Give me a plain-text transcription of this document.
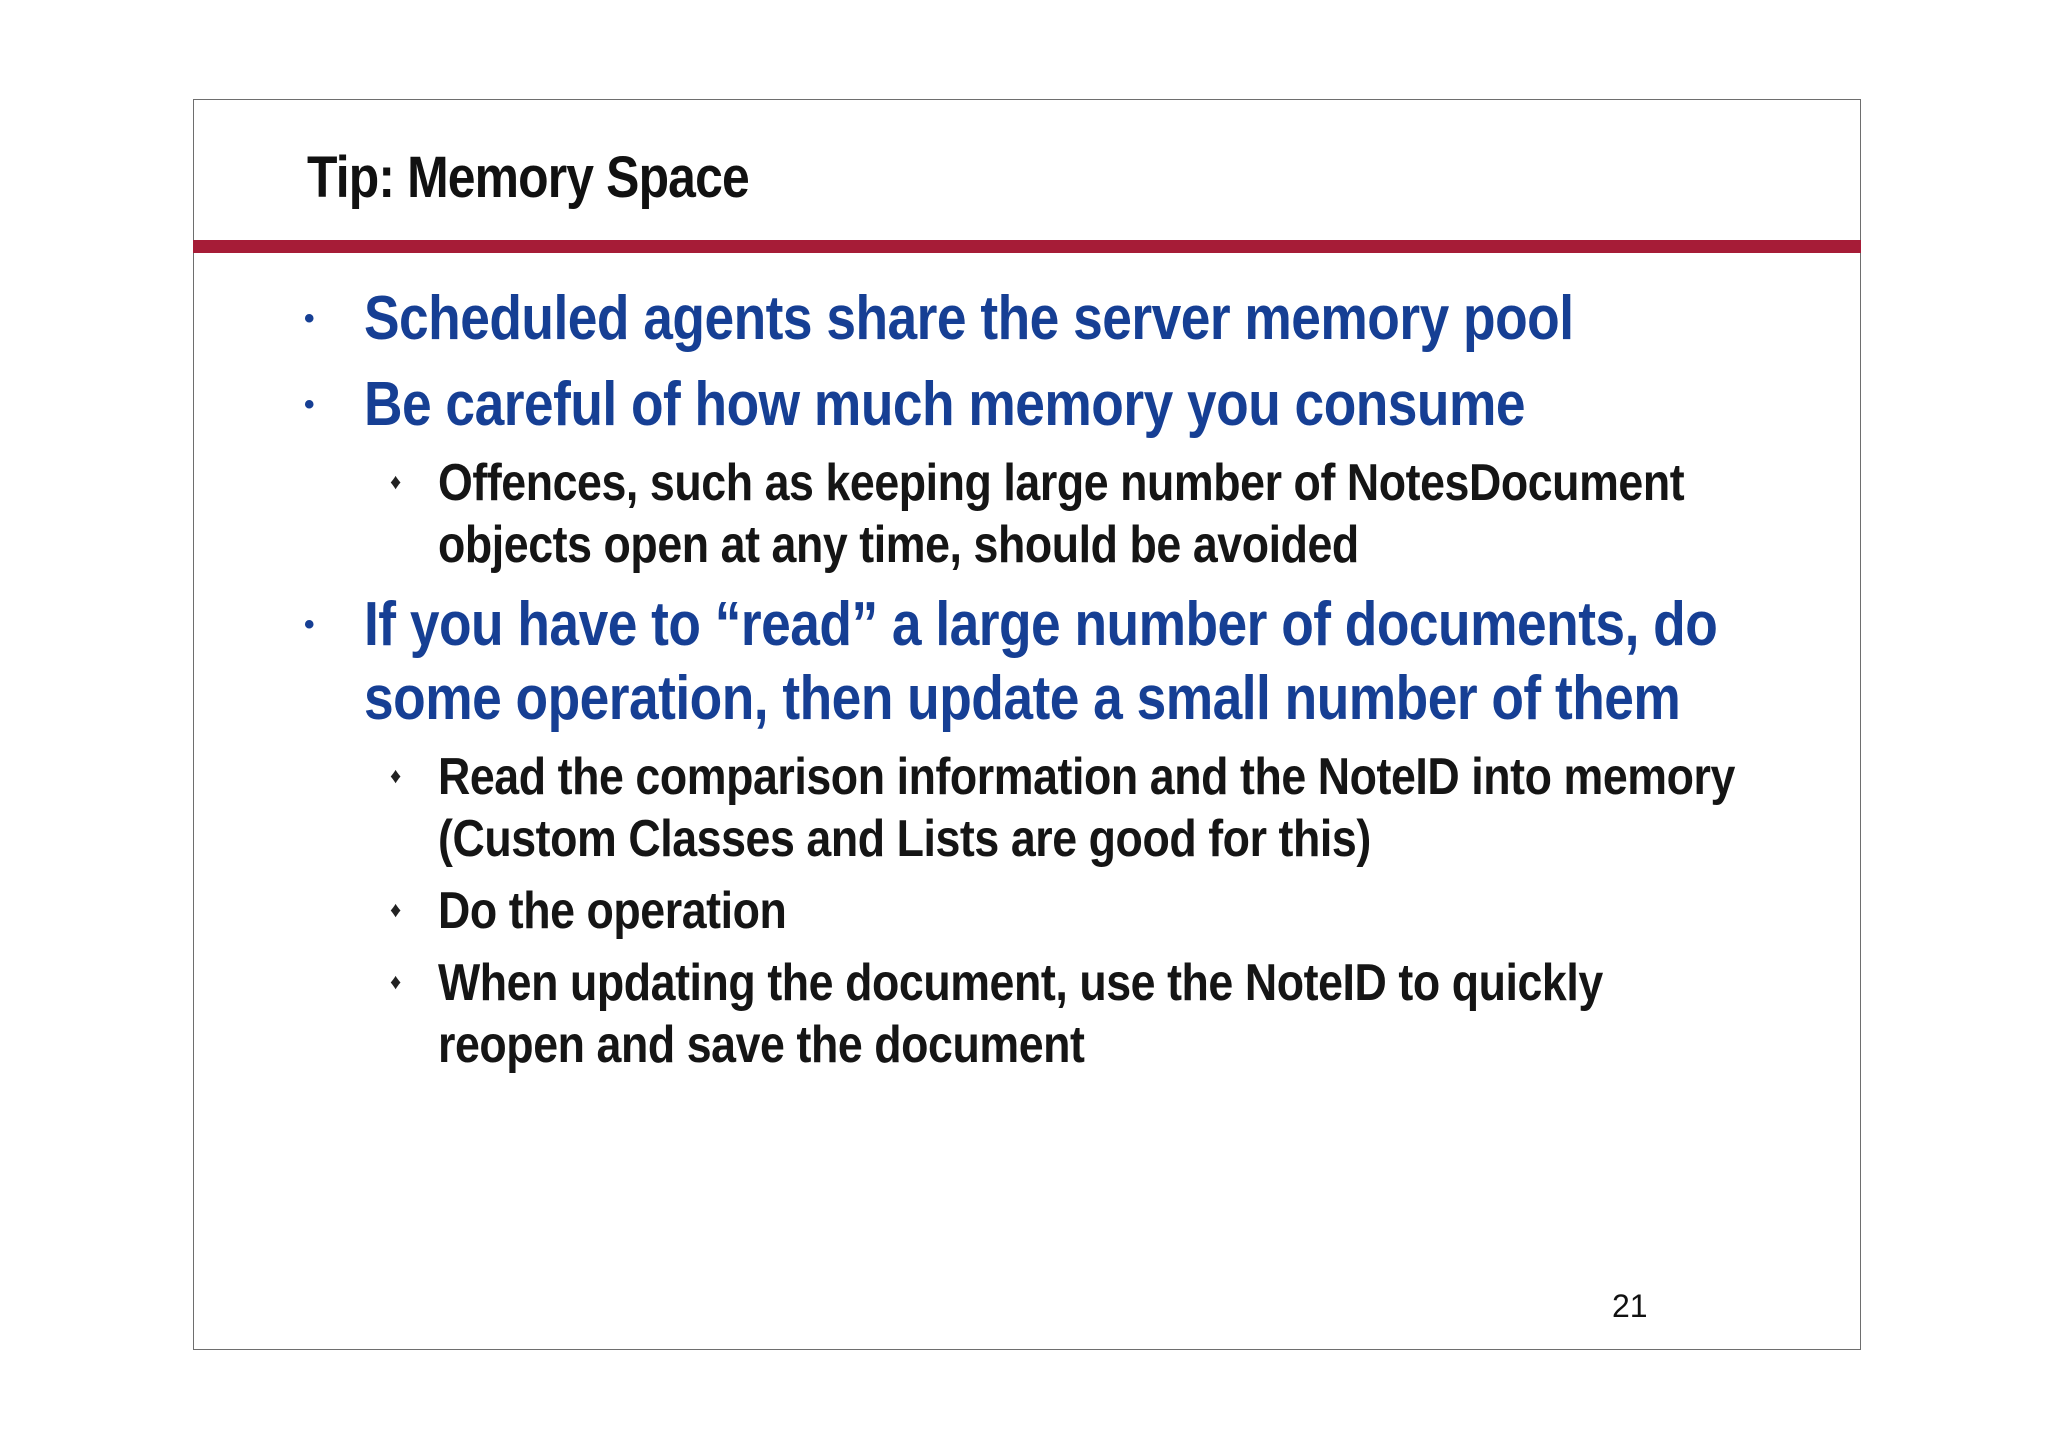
Tip: Memory Space
• Scheduled agents share the server memory pool
• Be careful of how much memory you consume
♦ Offences, such as keeping large number of NotesDocument
objects open at any time, should be avoided
• If you have to “read” a large number of documents, do
some operation, then update a small number of them
♦ Read the comparison information and the NoteID into memory
(Custom Classes and Lists are good for this)
♦ Do the operation
♦ When updating the document, use the NoteID to quickly
reopen and save the document
21
